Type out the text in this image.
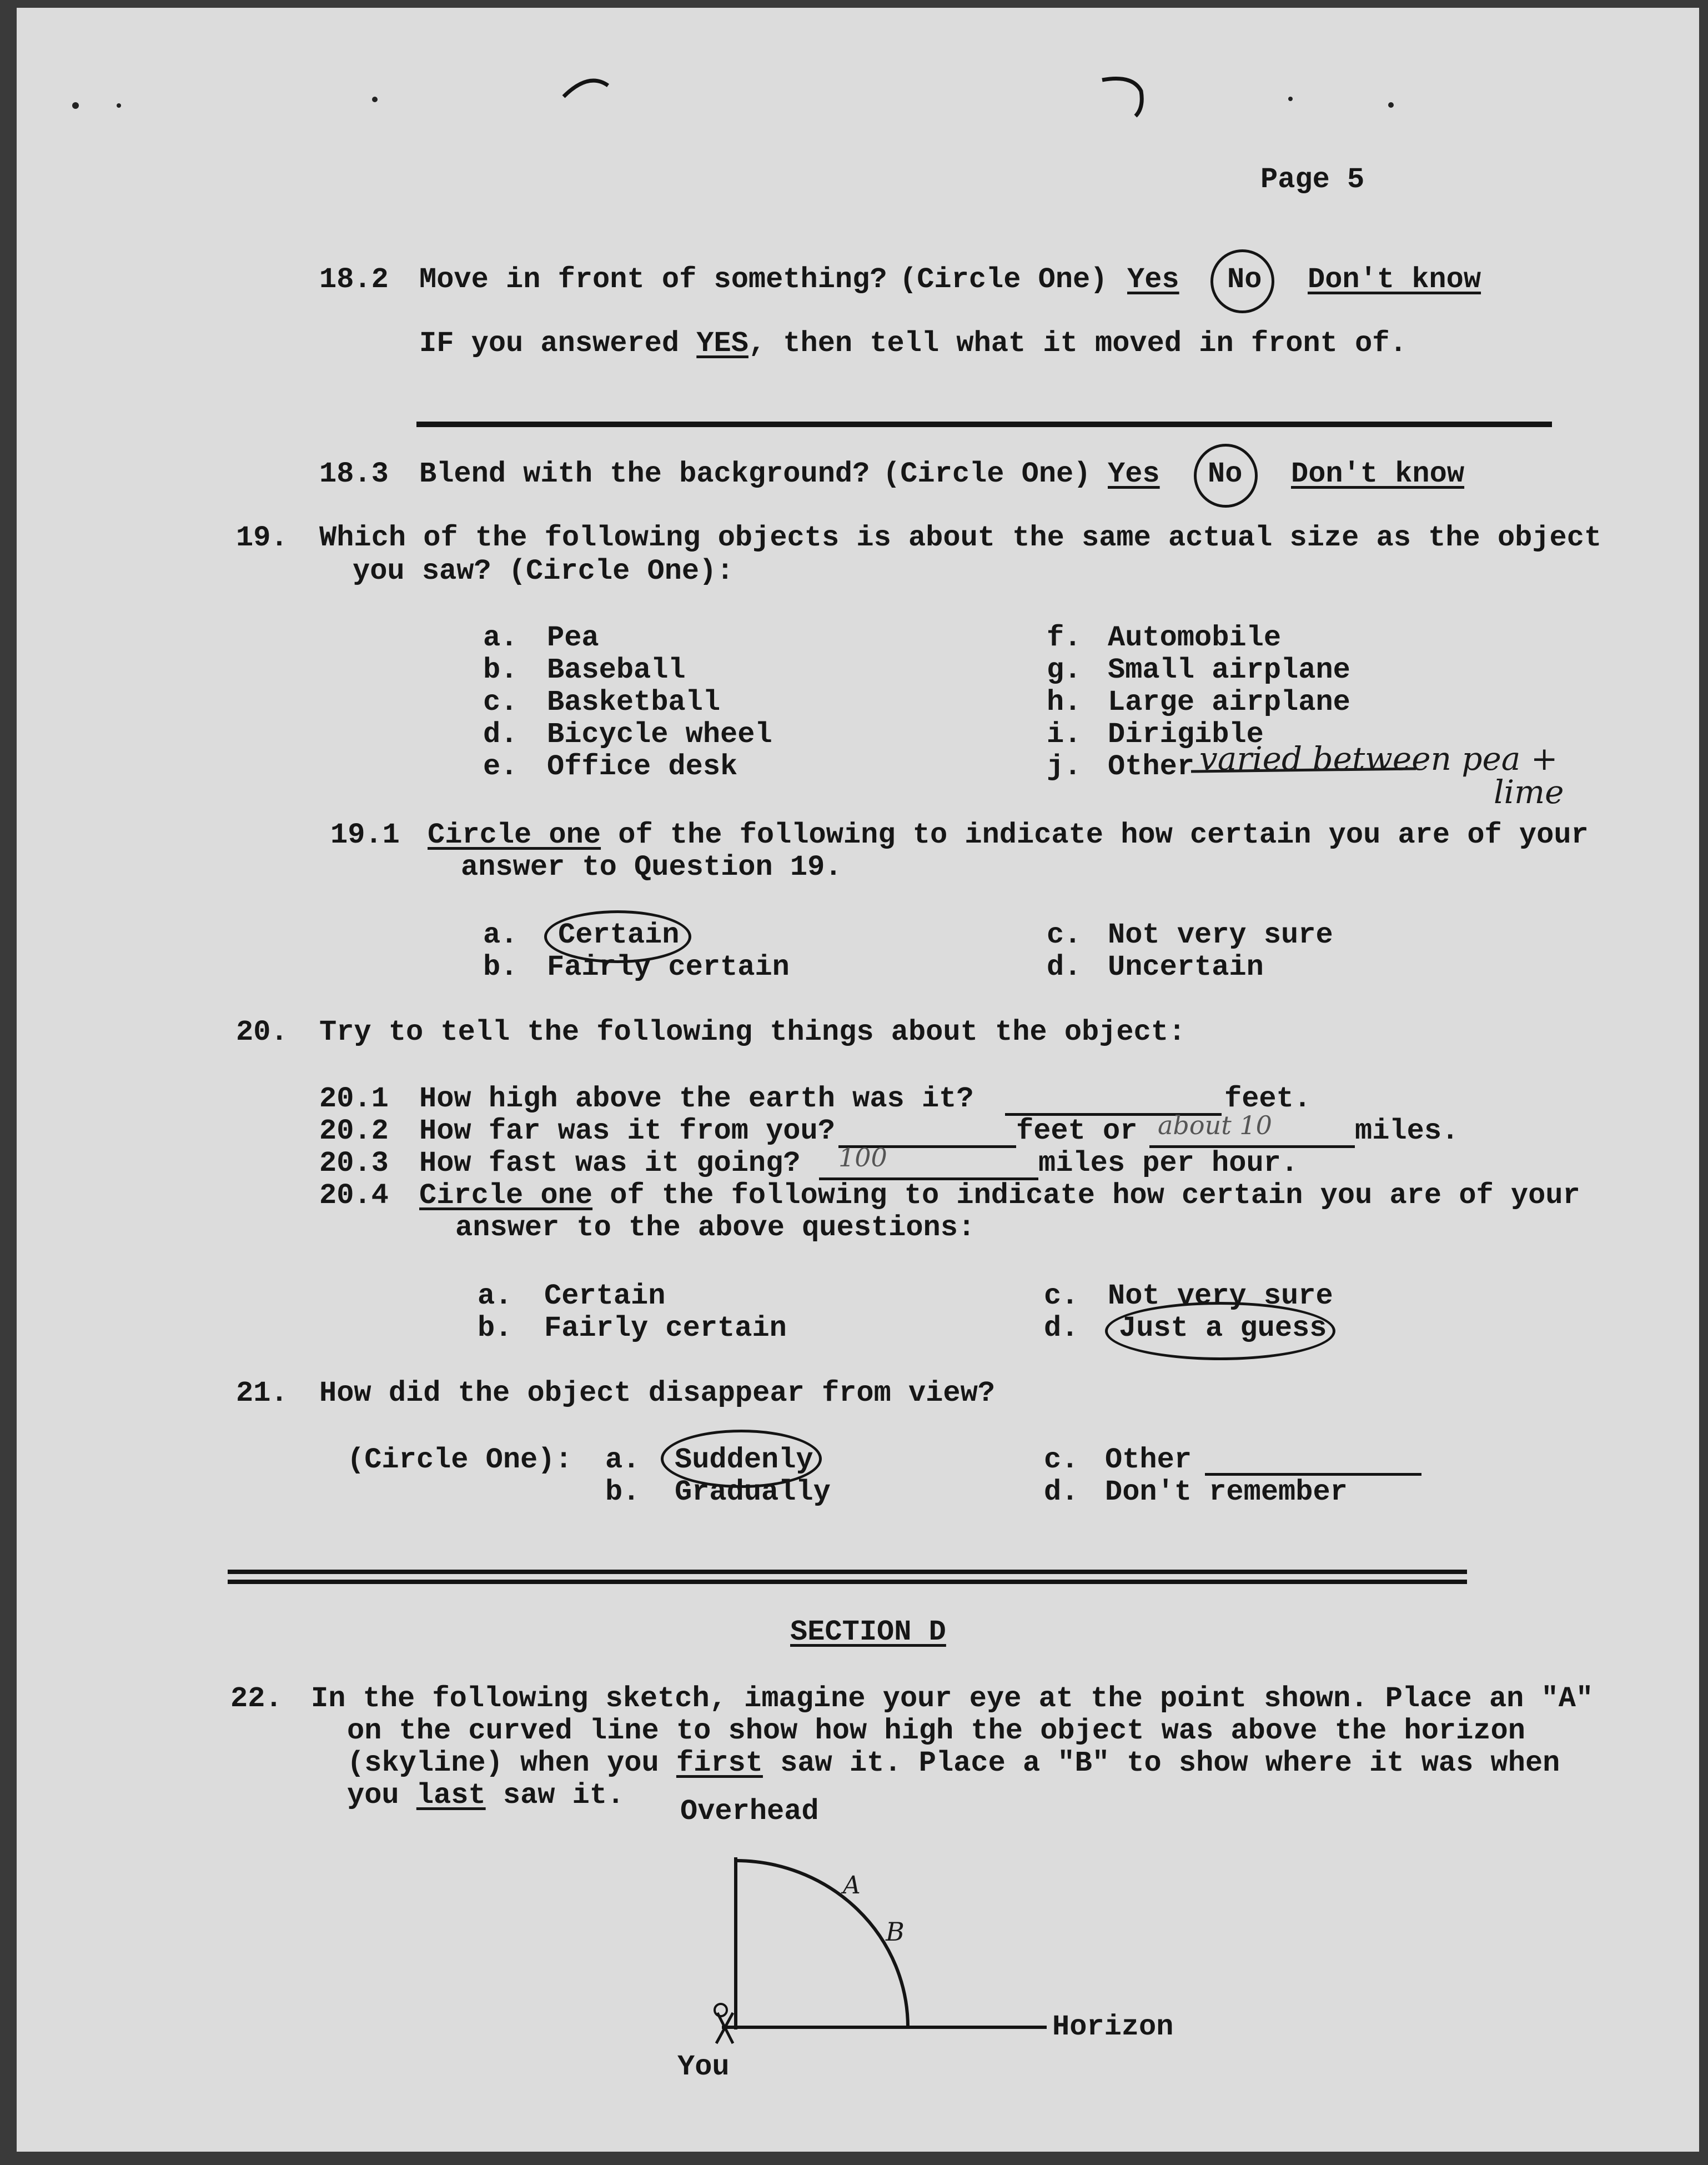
Page 5
18.2 Move in front of something? (Circle One) Yes No Don't know
IF you answered YES, then tell what it moved in front of.
18.3 Blend with the background? (Circle One) Yes No Don't know
19. Which of the following objects is about the same actual size as the object
you saw? (Circle One):
a. Pea
b. Baseball
c. Basketball
d. Bicycle wheel
e. Office desk
f. Automobile
g. Small airplane
h. Large airplane
i. Dirigible
j. Other varied between pea +
lime
19.1 Circle one of the following to indicate how certain you are of your
answer to Question 19.
a. Certain
b. Fairly certain
c. Not very sure
d. Uncertain
20. Try to tell the following things about the object:
20.1 How high above the earth was it?	feet.
20.2 How far was it from you?	feet or about 10	miles.
20.3 How fast was it going? 100	miles per hour.
20.4 Circle one of the following to indicate how certain you are of your
answer to the above questions:
a. Certain
b. Fairly certain
c. Not very sure
d. Just a guess
21. How did the object disappear from view?
(Circle One): a. Suddenly
b. Gradually
c. Other
d. Don't remember
SECTION D
22. In the following sketch, imagine your eye at the point shown. Place an "A"
on the curved line to show how high the object was above the horizon
(skyline) when you first saw it. Place a "B" to show where it was when
you last saw it. Overhead
Horizon
You
A
B
